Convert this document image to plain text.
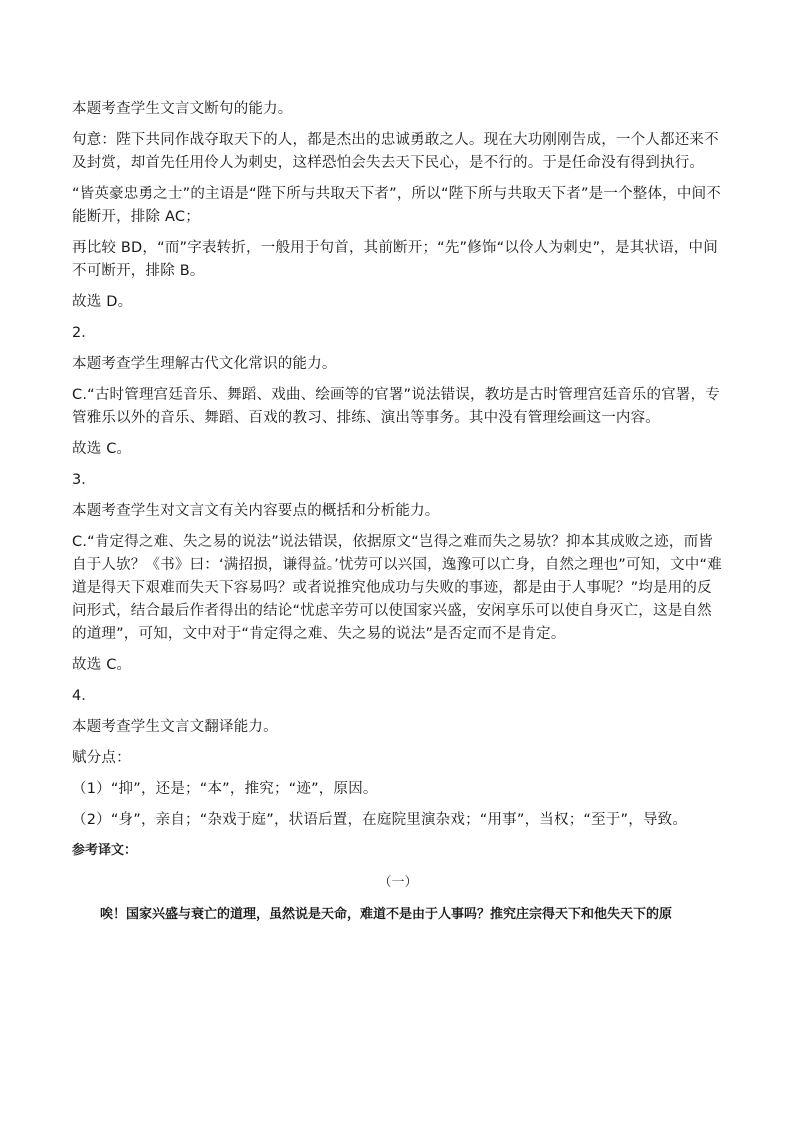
本题考查学生文言文断句的能力。

句意：陛下共同作战夺取天下的人，都是杰出的忠诚勇敢之人。现在大功刚刚告成，一个人都还来不及封赏，却首先任用伶人为刺史，这样恐怕会失去天下民心，是不行的。于是任命没有得到执行。

“皆英豪忠勇之士”的主语是“陛下所与共取天下者”，所以“陛下所与共取天下者”是一个整体，中间不能断开，排除 AC；

再比较 BD，“而”字表转折，一般用于句首，其前断开；“先”修饰“以伶人为刺史”，是其状语，中间不可断开，排除 B。

故选 D。

2．

本题考查学生理解古代文化常识的能力。

C.“古时管理宫廷音乐、舞蹈、戏曲、绘画等的官署”说法错误，教坊是古时管理宫廷音乐的官署，专管雅乐以外的音乐、舞蹈、百戏的教习、排练、演出等事务。其中没有管理绘画这一内容。

故选 C。

3．

本题考查学生对文言文有关内容要点的概括和分析能力。

C.“肯定得之难、失之易的说法”说法错误，依据原文“岂得之难而失之易欤？抑本其成败之迹，而皆自于人欤？《书》曰：‘满招损，谦得益。’忧劳可以兴国，逸豫可以亡身，自然之理也”可知，文中“难道是得天下艰难而失天下容易吗？或者说推究他成功与失败的事迹，都是由于人事呢？”均是用的反问形式，结合最后作者得出的结论“忧虑辛劳可以使国家兴盛，安闲享乐可以使自身灭亡，这是自然的道理”，可知，文中对于“肯定得之难、失之易的说法”是否定而不是肯定。

故选 C。

4．

本题考查学生文言文翻译能力。

赋分点：

（1）“抑”，还是；“本”，推究；“迹”，原因。

（2）“身”，亲自；“杂戏于庭”，状语后置，在庭院里演杂戏；“用事”，当权；“至于”，导致。

参考译文：

（一）

唉！国家兴盛与衰亡的道理，虽然说是天命，难道不是由于人事吗？推究庄宗得天下和他失天下的原
